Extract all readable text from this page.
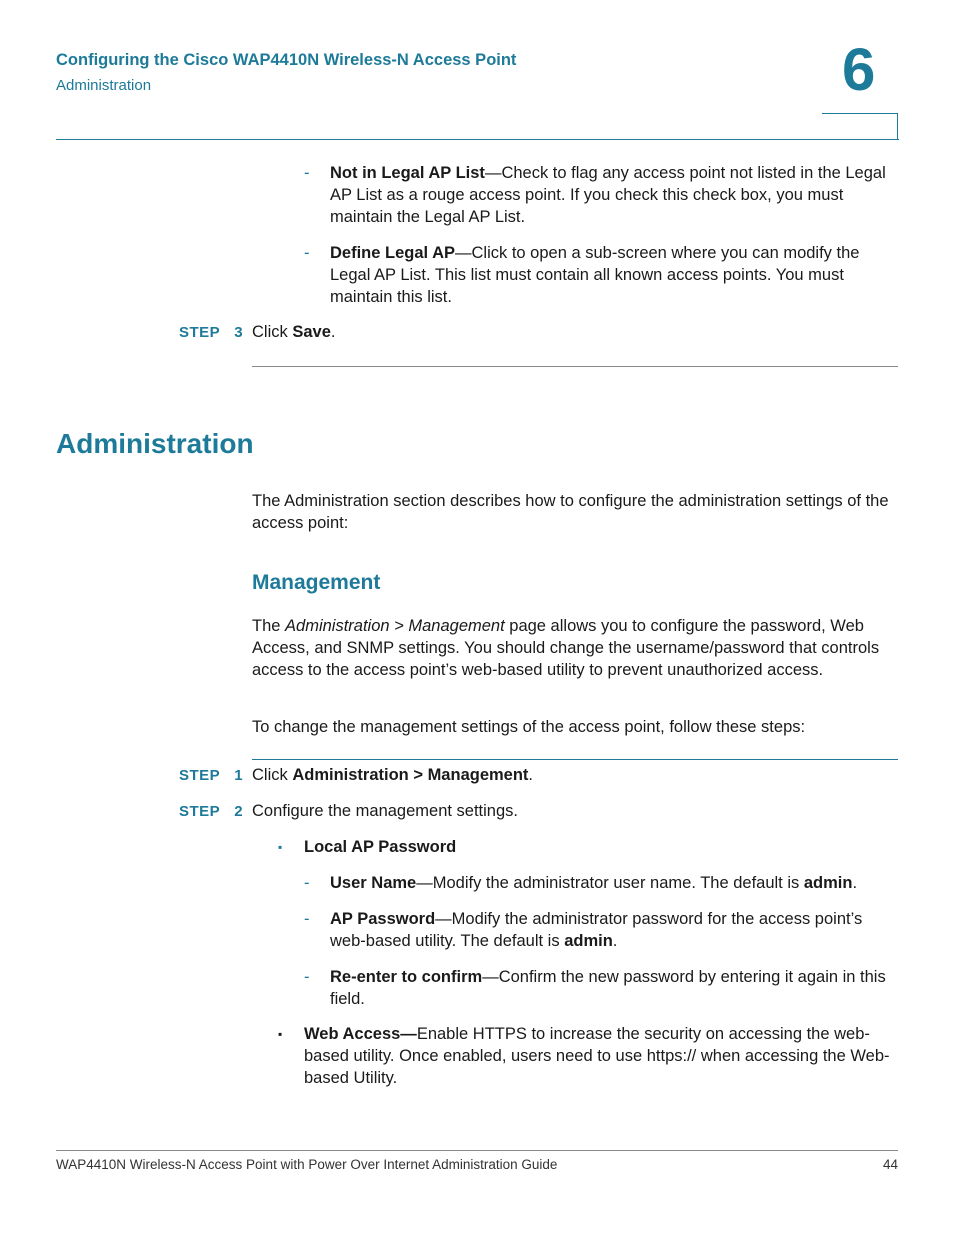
Configuring the Cisco WAP4410N Wireless-N Access Point
Administration	6
- Not in Legal AP List—Check to flag any access point not listed in the Legal AP List as a rouge access point. If you check this check box, you must maintain the Legal AP List.
- Define Legal AP—Click to open a sub-screen where you can modify the Legal AP List. This list must contain all known access points. You must maintain this list.
STEP 3 Click Save.
Administration
The Administration section describes how to configure the administration settings of the access point:
Management
The Administration > Management page allows you to configure the password, Web Access, and SNMP settings. You should change the username/password that controls access to the access point’s web-based utility to prevent unauthorized access.
To change the management settings of the access point, follow these steps:
STEP 1 Click Administration > Management.
STEP 2 Configure the management settings.
▪ Local AP Password
- User Name—Modify the administrator user name. The default is admin.
- AP Password—Modify the administrator password for the access point’s web-based utility. The default is admin.
- Re-enter to confirm—Confirm the new password by entering it again in this field.
▪ Web Access—Enable HTTPS to increase the security on accessing the web-based utility. Once enabled, users need to use https:// when accessing the Web-based Utility.
WAP4410N Wireless-N Access Point with Power Over Internet Administration Guide	44
